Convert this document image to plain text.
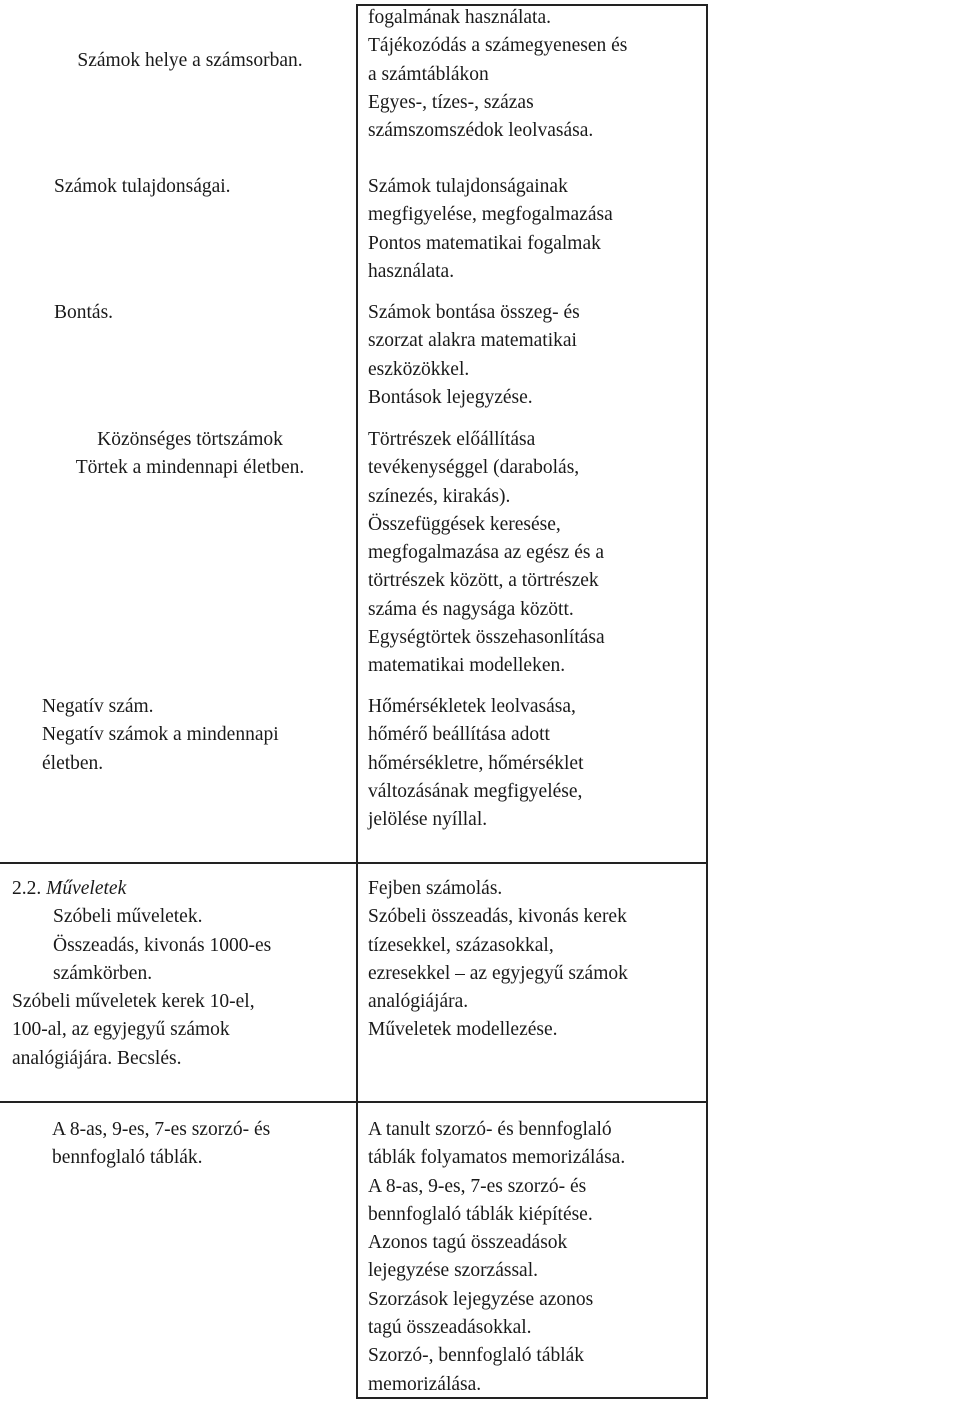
Számok helye a számsorban.
fogalmának használata.
Tájékozódás a számegyenesen és
a számtáblákon
Egyes-, tízes-, százas
számszomszédok leolvasása.
Számok tulajdonságai.	Számok tulajdonságainak
megfigyelése, megfogalmazása
Pontos matematikai fogalmak
használata.
Bontás.	Számok bontása összeg- és
szorzat alakra matematikai
eszközökkel.
Bontások lejegyzése.
Közönséges törtszámok
Törtek a mindennapi életben.
Törtrészek előállítása
tevékenységgel (darabolás,
színezés, kirakás).
Összefüggések keresése,
megfogalmazása az egész és a
törtrészek között, a törtrészek
száma és nagysága között.
Egységtörtek összehasonlítása
matematikai modelleken.
Negatív szám.
Negatív számok a mindennapi
életben.
Hőmérsékletek leolvasása,
hőmérő beállítása adott
hőmérsékletre, hőmérséklet
változásának megfigyelése,
jelölése nyíllal.
2.2. Műveletek
Szóbeli műveletek.
Összeadás, kivonás 1000-es
számkörben.
Szóbeli műveletek kerek 10-el,
100-al, az egyjegyű számok
analógiájára. Becslés.
Fejben számolás.
Szóbeli összeadás, kivonás kerek
tízesekkel, százasokkal,
ezresekkel – az egyjegyű számok
analógiájára.
Műveletek modellezése.
A 8-as, 9-es, 7-es szorzó- és
bennfoglaló táblák.
A tanult szorzó- és bennfoglaló
táblák folyamatos memorizálása.
A 8-as, 9-es, 7-es szorzó- és
bennfoglaló táblák kiépítése.
Azonos tagú összeadások
lejegyzése szorzással.
Szorzások lejegyzése azonos
tagú összeadásokkal.
Szorzó-, bennfoglaló táblák
memorizálása.
